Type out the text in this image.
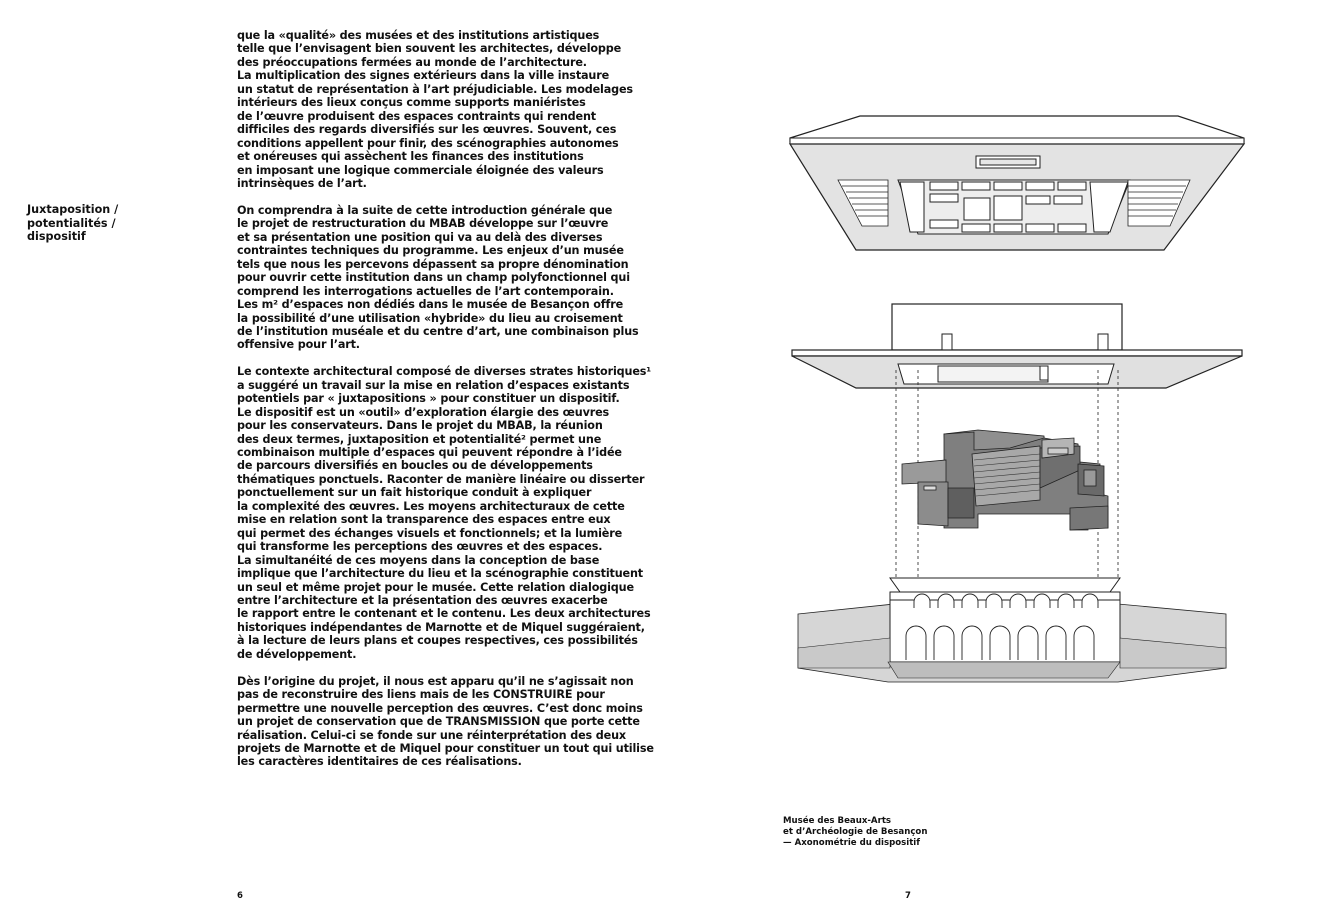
Juxtaposition /
potentialités /
dispositif
que la «qualité» des musées et des institutions artistiques
telle que l’envisagent bien souvent les architectes, développe
des préoccupations fermées au monde de l’architecture.
La multiplication des signes extérieurs dans la ville instaure
un statut de représentation à l’art préjudiciable. Les modelages
intérieurs des lieux conçus comme supports maniéristes
de l’œuvre produisent des espaces contraints qui rendent
difficiles des regards diversifiés sur les œuvres. Souvent, ces
conditions appellent pour finir, des scénographies autonomes
et onéreuses qui assèchent les finances des institutions
en imposant une logique commerciale éloignée des valeurs
intrinsèques de l’art.
On comprendra à la suite de cette introduction générale que
le projet de restructuration du MBAB développe sur l’œuvre
et sa présentation une position qui va au delà des diverses
contraintes techniques du programme. Les enjeux d’un musée
tels que nous les percevons dépassent sa propre dénomination
pour ouvrir cette institution dans un champ polyfonctionnel qui
comprend les interrogations actuelles de l’art contemporain.
Les m² d’espaces non dédiés dans le musée de Besançon offre
la possibilité d’une utilisation «hybride» du lieu au croisement
de l’institution muséale et du centre d’art, une combinaison plus
offensive pour l’art.
Le contexte architectural composé de diverses strates historiques¹
a suggéré un travail sur la mise en relation d’espaces existants
potentiels par « juxtapositions » pour constituer un dispositif.
Le dispositif est un «outil» d’exploration élargie des œuvres
pour les conservateurs. Dans le projet du MBAB, la réunion
des deux termes, juxtaposition et potentialité² permet une
combinaison multiple d’espaces qui peuvent répondre à l’idée
de parcours diversifiés en boucles ou de développements
thématiques ponctuels. Raconter de manière linéaire ou disserter
ponctuellement sur un fait historique conduit à expliquer
la complexité des œuvres. Les moyens architecturaux de cette
mise en relation sont la transparence des espaces entre eux
qui permet des échanges visuels et fonctionnels; et la lumière
qui transforme les perceptions des œuvres et des espaces.
La simultanéité de ces moyens dans la conception de base
implique que l’architecture du lieu et la scénographie constituent
un seul et même projet pour le musée. Cette relation dialogique
entre l’architecture et la présentation des œuvres exacerbe
le rapport entre le contenant et le contenu. Les deux architectures
historiques indépendantes de Marnotte et de Miquel suggéraient,
à la lecture de leurs plans et coupes respectives, ces possibilités
de développement.
Dès l’origine du projet, il nous est apparu qu’il ne s’agissait non
pas de reconstruire des liens mais de les CONSTRUIRE pour
permettre une nouvelle perception des œuvres. C’est donc moins
un projet de conservation que de TRANSMISSION que porte cette
réalisation. Celui-ci se fonde sur une réinterprétation des deux
projets de Marnotte et de Miquel pour constituer un tout qui utilise
les caractères identitaires de ces réalisations.
6	7
Musée des Beaux-Arts
et d’Archéologie de Besançon
— Axonométrie du dispositif
